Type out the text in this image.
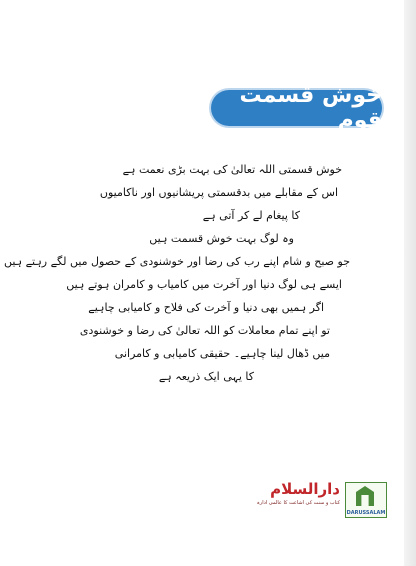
خوش قسمت قوم
خوش قسمتی اللہ تعالیٰ کی بہت بڑی نعمت ہے
اس کے مقابلے میں بدقسمتی پریشانیوں اور ناکامیوں
کا پیغام لے کر آتی ہے
وہ لوگ بہت خوش قسمت ہیں
جو صبح و شام اپنے رب کی رضا اور خوشنودی کے حصول میں لگے رہتے ہیں
ایسے ہی لوگ دنیا اور آخرت میں کامیاب و کامران ہوتے ہیں
اگر ہمیں بھی دنیا و آخرت کی فلاح و کامیابی چاہیے
تو اپنے تمام معاملات کو اللہ تعالیٰ کی رضا و خوشنودی
میں ڈھال لینا چاہیے۔ حقیقی کامیابی و کامرانی
کا یہی ایک ذریعہ ہے
دارالسلام
کتاب و سنت کی اشاعت کا عالمی ادارہ
DARUSSALAM
